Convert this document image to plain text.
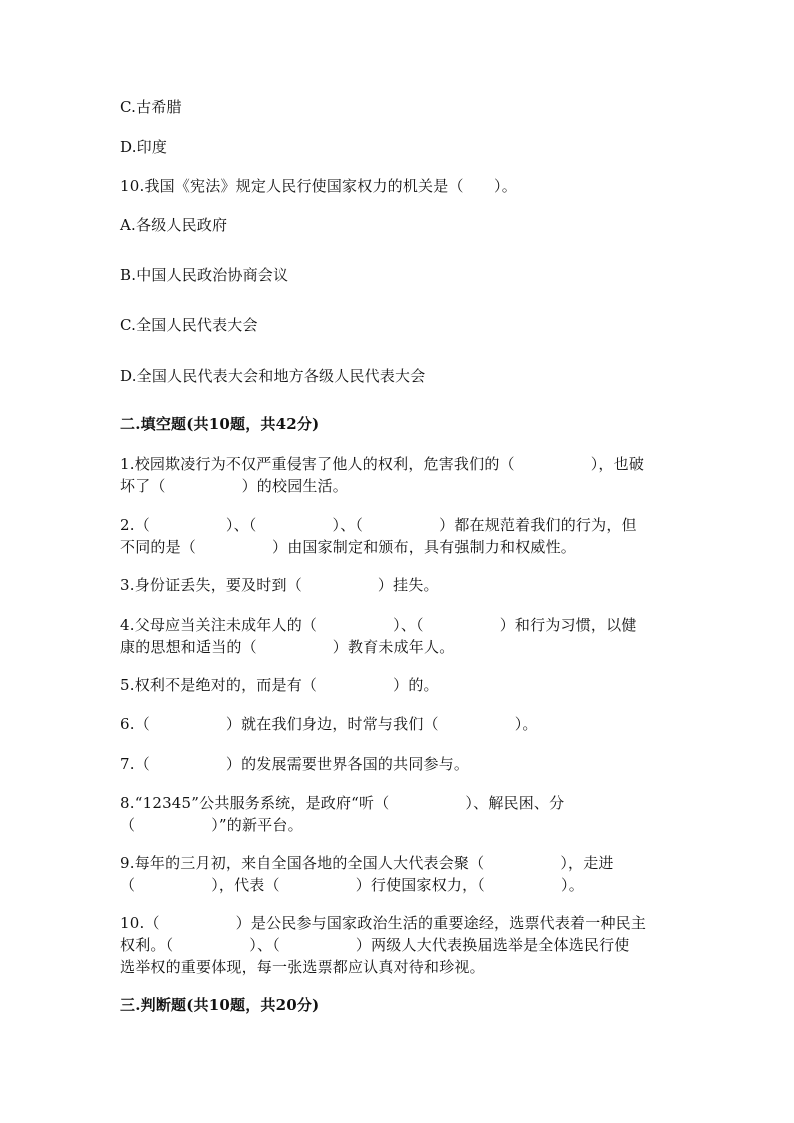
C.古希腊

D.印度

10.我国《宪法》规定人民行使国家权力的机关是（　　）。

A.各级人民政府

B.中国人民政治协商会议

C.全国人民代表大会

D.全国人民代表大会和地方各级人民代表大会

二.填空题(共10题，共42分)

1.校园欺凌行为不仅严重侵害了他人的权利，危害我们的（　　　　　），也破

坏了（　　　　　）的校园生活。

2.（　　　　　）、（　　　　　）、（　　　　　）都在规范着我们的行为，但

不同的是（　　　　　）由国家制定和颁布，具有强制力和权威性。

3.身份证丢失，要及时到（　　　　　）挂失。

4.父母应当关注未成年人的（　　　　　）、（　　　　　）和行为习惯，以健

康的思想和适当的（　　　　　）教育未成年人。

5.权利不是绝对的，而是有（　　　　　）的。

6.（　　　　　）就在我们身边，时常与我们（　　　　　）。

7.（　　　　　）的发展需要世界各国的共同参与。

8.“12345”公共服务系统，是政府“听（　　　　　）、解民困、分

（　　　　　）”的新平台。

9.每年的三月初，来自全国各地的全国人大代表会聚（　　　　　），走进

（　　　　　），代表（　　　　　）行使国家权力，（　　　　　）。

10.（　　　　　）是公民参与国家政治生活的重要途经，选票代表着一种民主

权利。（　　　　　）、（　　　　　）两级人大代表换届选举是全体选民行使

选举权的重要体现，每一张选票都应认真对待和珍视。

三.判断题(共10题，共20分)
